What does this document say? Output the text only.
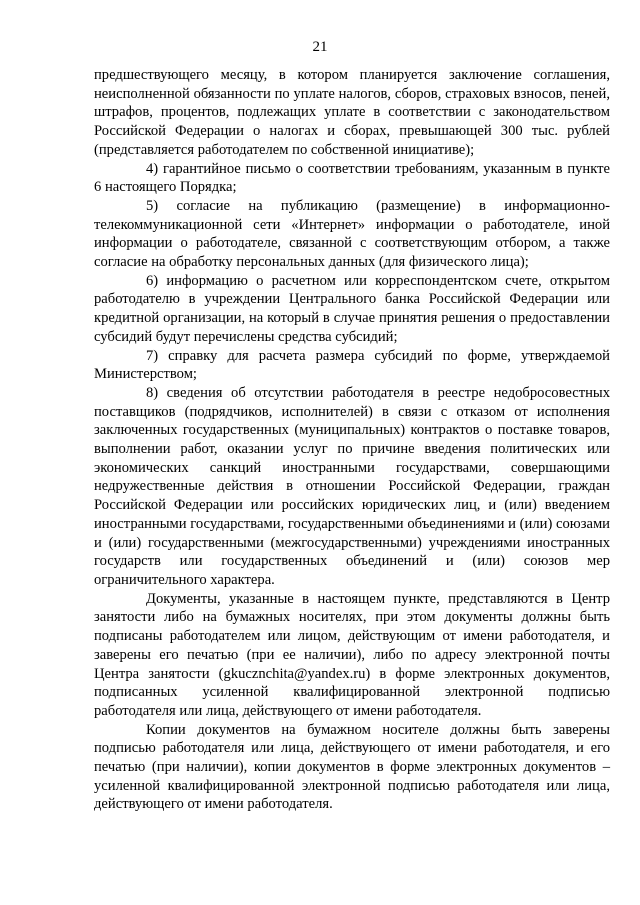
21

предшествующего месяцу, в котором планируется заключение соглашения, неисполненной обязанности по уплате налогов, сборов, страховых взносов, пеней, штрафов, процентов, подлежащих уплате в соответствии с законодательством Российской Федерации о налогах и сборах, превышающей 300 тыс. рублей (представляется работодателем по собственной инициативе);

4) гарантийное письмо о соответствии требованиям, указанным в пункте 6 настоящего Порядка;

5) согласие на публикацию (размещение) в информационно-телекоммуникационной сети «Интернет» информации о работодателе, иной информации о работодателе, связанной с соответствующим отбором, а также согласие на обработку персональных данных (для физического лица);

6) информацию о расчетном или корреспондентском счете, открытом работодателю в учреждении Центрального банка Российской Федерации или кредитной организации, на который в случае принятия решения о предоставлении субсидий будут перечислены средства субсидий;

7) справку для расчета размера субсидий по форме, утверждаемой Министерством;

8) сведения об отсутствии работодателя в реестре недобросовестных поставщиков (подрядчиков, исполнителей) в связи с отказом от исполнения заключенных государственных (муниципальных) контрактов о поставке товаров, выполнении работ, оказании услуг по причине введения политических или экономических санкций иностранными государствами, совершающими недружественные действия в отношении Российской Федерации, граждан Российской Федерации или российских юридических лиц, и (или) введением иностранными государствами, государственными объединениями и (или) союзами и (или) государственными (межгосударственными) учреждениями иностранных государств или государственных объединений и (или) союзов мер ограничительного характера.

Документы, указанные в настоящем пункте, представляются в Центр занятости либо на бумажных носителях, при этом документы должны быть подписаны работодателем или лицом, действующим от имени работодателя, и заверены его печатью (при ее наличии), либо по адресу электронной почты Центра занятости (gkucznchita@yandex.ru) в форме электронных документов, подписанных усиленной квалифицированной электронной подписью работодателя или лица, действующего от имени работодателя.

Копии документов на бумажном носителе должны быть заверены подписью работодателя или лица, действующего от имени работодателя, и его печатью (при наличии), копии документов в форме электронных документов – усиленной квалифицированной электронной подписью работодателя или лица, действующего от имени работодателя.
